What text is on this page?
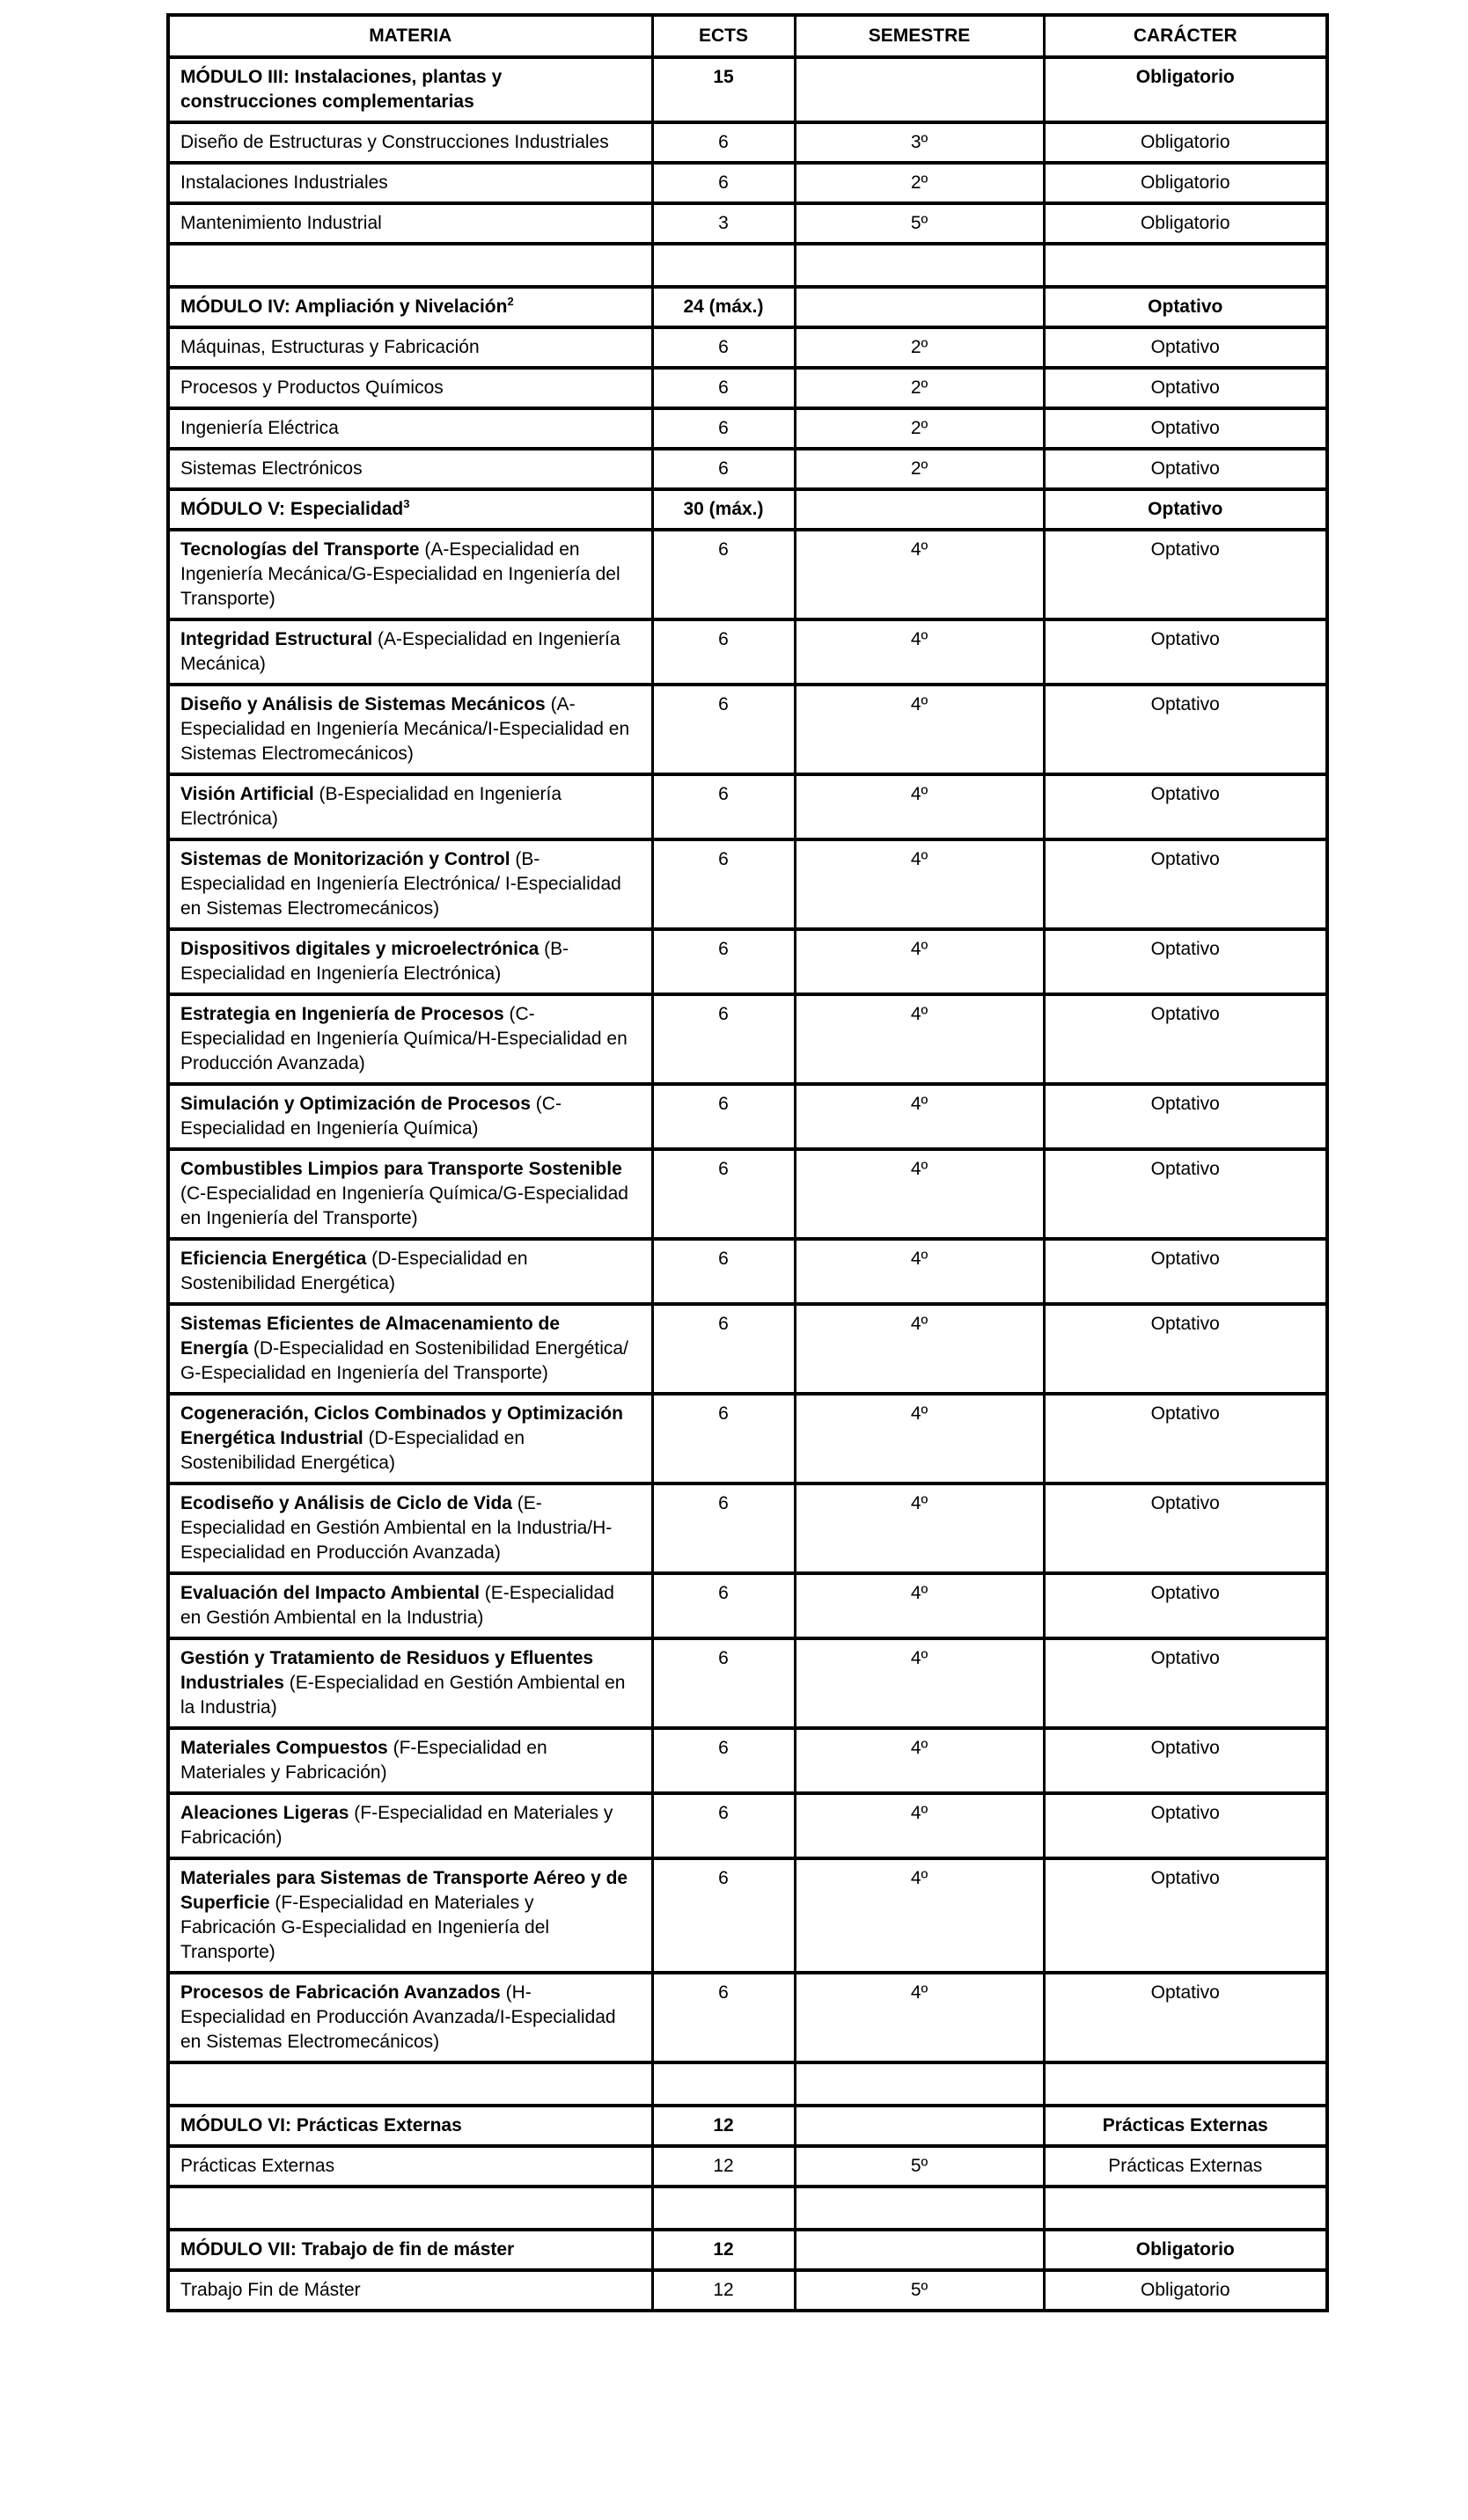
MATERIA	ECTS	SEMESTRE	CARÁCTER
MÓDULO III: Instalaciones, plantas y construcciones complementarias	15		Obligatorio
Diseño de Estructuras y Construcciones Industriales	6	3º	Obligatorio
Instalaciones Industriales	6	2º	Obligatorio
Mantenimiento Industrial	3	5º	Obligatorio

MÓDULO IV: Ampliación y Nivelación$^2$	24 (máx.)		Optativo
Máquinas, Estructuras y Fabricación	6	2º	Optativo
Procesos y Productos Químicos	6	2º	Optativo
Ingeniería Eléctrica	6	2º	Optativo
Sistemas Electrónicos	6	2º	Optativo
MÓDULO V: Especialidad$^3$	30 (máx.)		Optativo
Tecnologías del Transporte (A-Especialidad en Ingeniería Mecánica/G-Especialidad en Ingeniería del Transporte)	6	4º	Optativo
Integridad Estructural (A-Especialidad en Ingeniería Mecánica)	6	4º	Optativo
Diseño y Análisis de Sistemas Mecánicos (A-Especialidad en Ingeniería Mecánica/I-Especialidad en Sistemas Electromecánicos)	6	4º	Optativo
Visión Artificial (B-Especialidad en Ingeniería Electrónica)	6	4º	Optativo
Sistemas de Monitorización y Control (B-Especialidad en Ingeniería Electrónica/ I-Especialidad en Sistemas Electromecánicos)	6	4º	Optativo
Dispositivos digitales y microelectrónica (B-Especialidad en Ingeniería Electrónica)	6	4º	Optativo
Estrategia en Ingeniería de Procesos (C-Especialidad en Ingeniería Química/H-Especialidad en Producción Avanzada)	6	4º	Optativo
Simulación y Optimización de Procesos (C-Especialidad en Ingeniería Química)	6	4º	Optativo
Combustibles Limpios para Transporte Sostenible (C-Especialidad en Ingeniería Química/G-Especialidad en Ingeniería del Transporte)	6	4º	Optativo
Eficiencia Energética (D-Especialidad en Sostenibilidad Energética)	6	4º	Optativo
Sistemas Eficientes de Almacenamiento de Energía (D-Especialidad en Sostenibilidad Energética/ G-Especialidad en Ingeniería del Transporte)	6	4º	Optativo
Cogeneración, Ciclos Combinados y Optimización Energética Industrial (D-Especialidad en Sostenibilidad Energética)	6	4º	Optativo
Ecodiseño y Análisis de Ciclo de Vida (E-Especialidad en Gestión Ambiental en la Industria/H-Especialidad en Producción Avanzada)	6	4º	Optativo
Evaluación del Impacto Ambiental (E-Especialidad en Gestión Ambiental en la Industria)	6	4º	Optativo
Gestión y Tratamiento de Residuos y Efluentes Industriales (E-Especialidad en Gestión Ambiental en la Industria)	6	4º	Optativo
Materiales Compuestos (F-Especialidad en Materiales y Fabricación)	6	4º	Optativo
Aleaciones Ligeras (F-Especialidad en Materiales y Fabricación)	6	4º	Optativo
Materiales para Sistemas de Transporte Aéreo y de Superficie (F-Especialidad en Materiales y Fabricación G-Especialidad en Ingeniería del Transporte)	6	4º	Optativo
Procesos de Fabricación Avanzados (H-Especialidad en Producción Avanzada/I-Especialidad en Sistemas Electromecánicos)	6	4º	Optativo

MÓDULO VI: Prácticas Externas	12		Prácticas Externas
Prácticas Externas	12	5º	Prácticas Externas

MÓDULO VII: Trabajo de fin de máster	12		Obligatorio
Trabajo Fin de Máster	12	5º	Obligatorio
